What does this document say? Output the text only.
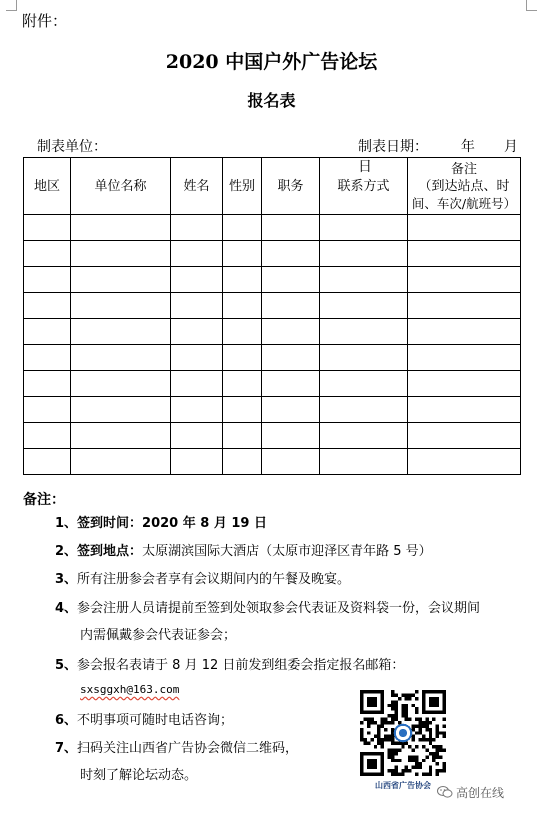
附件：
2020 中国户外广告论坛
报名表
制表单位：	制表日期： 年 月  日
地区	单位名称	姓名	性别	职务	联系方式	备注
（到达站点、时
间、车次/航班号）

备注：
1、签到时间：2020 年 8 月 19 日
2、签到地点：太原湖滨国际大酒店（太原市迎泽区青年路 5 号）
3、所有注册参会者享有会议期间内的午餐及晚宴。
4、参会注册人员请提前至签到处领取参会代表证及资料袋一份，会议期间
内需佩戴参会代表证参会；
5、参会报名表请于 8 月 12 日前发到组委会指定报名邮箱：
sxsggxh@163.com
6、不明事项可随时电话咨询；
7、扫码关注山西省广告协会微信二维码，
时刻了解论坛动态。
山西省广告协会
高创在线
